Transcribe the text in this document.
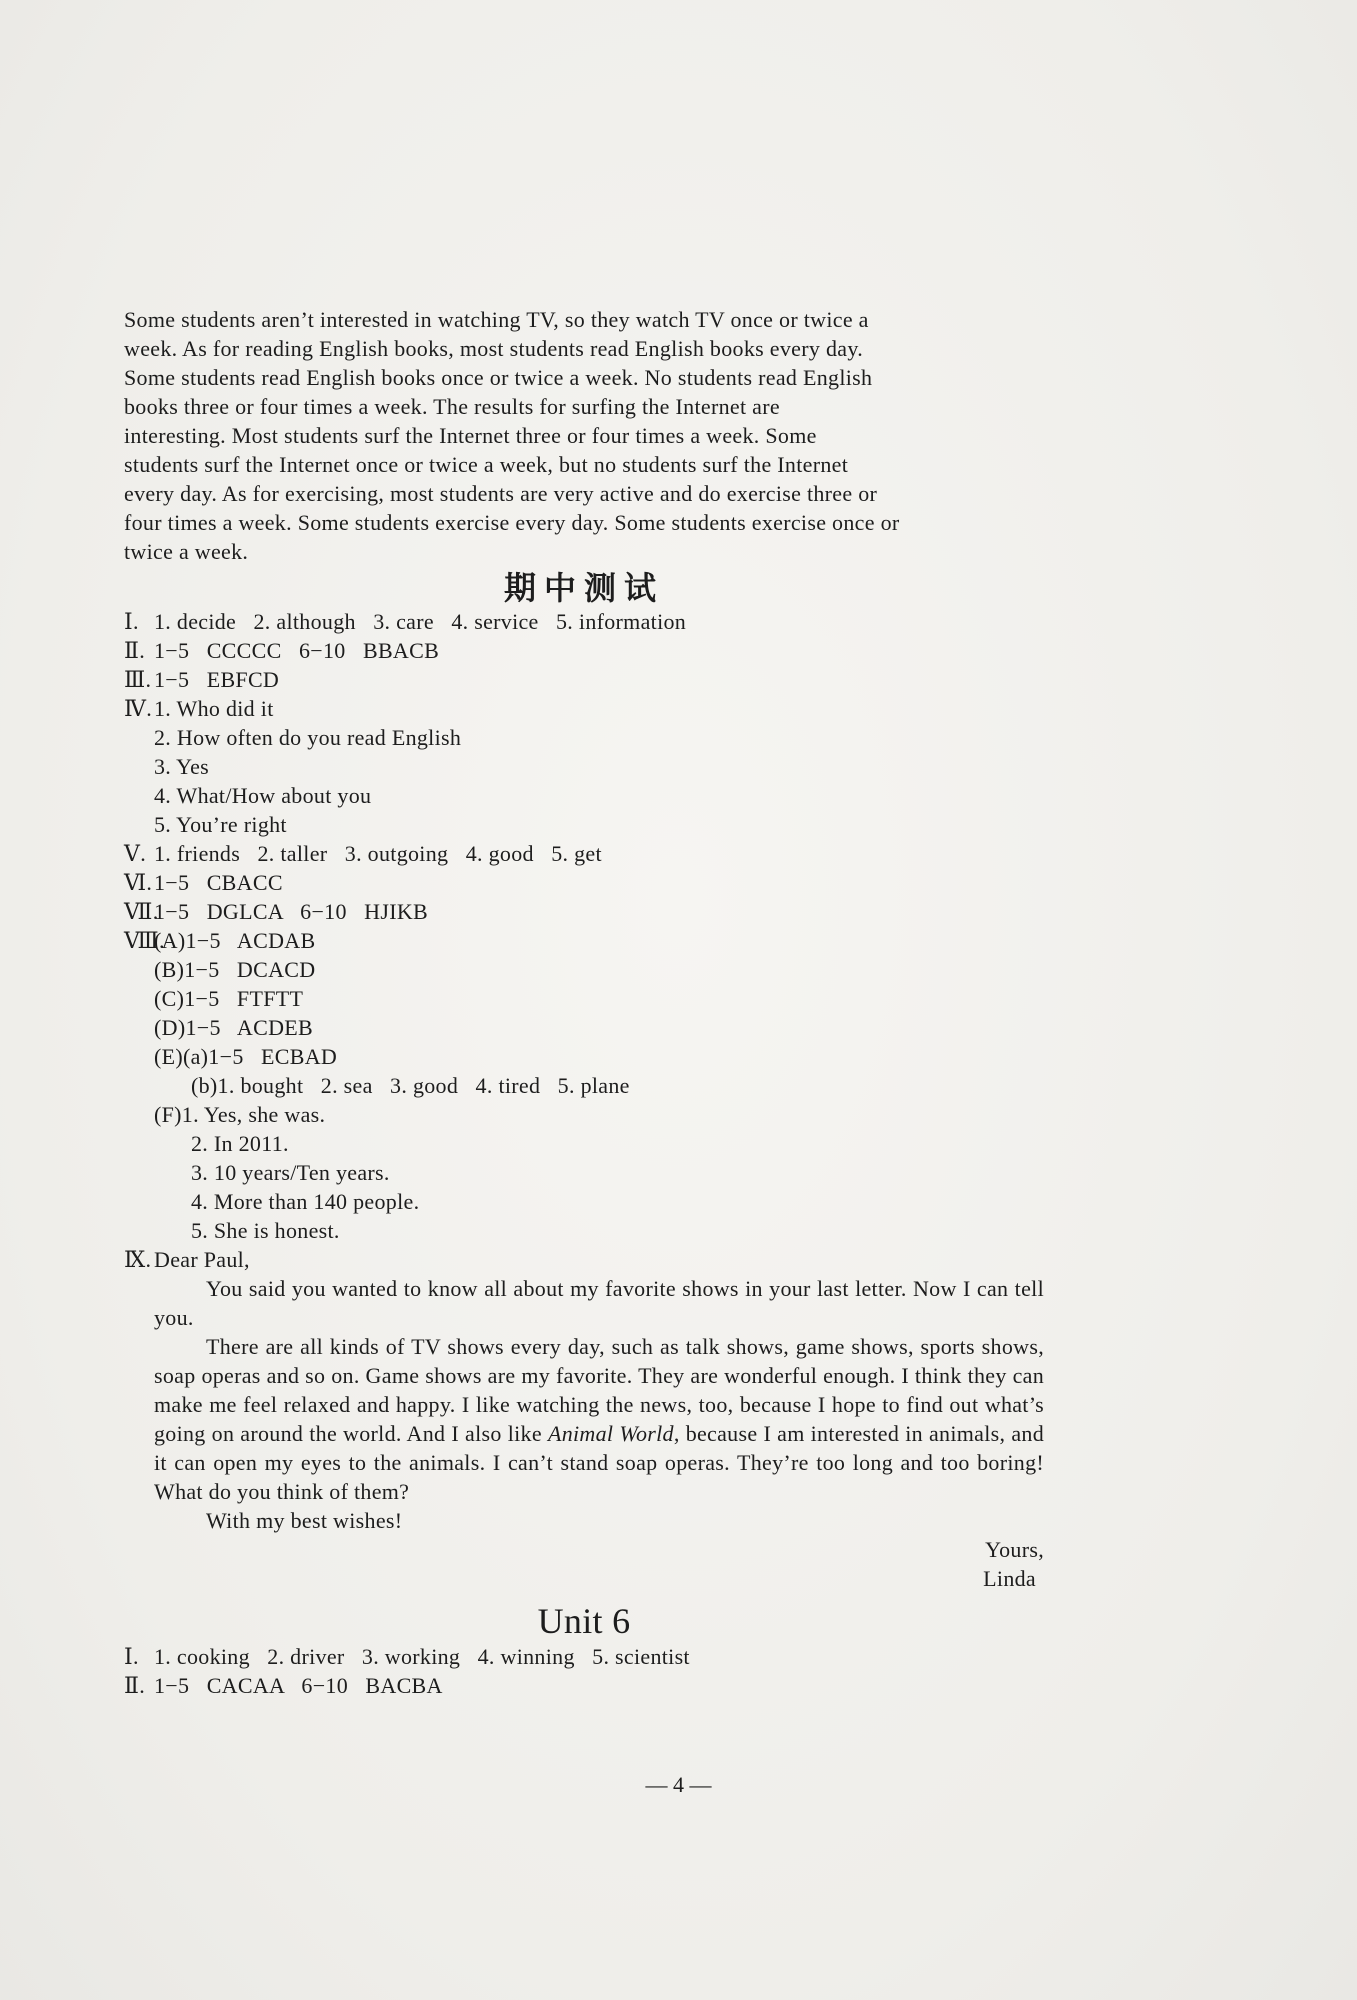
Some students aren’t interested in watching TV, so they watch TV once or twice a
week. As for reading English books, most students read English books every day.
Some students read English books once or twice a week. No students read English
books three or four times a week. The results for surfing the Internet are
interesting. Most students surf the Internet three or four times a week. Some
students surf the Internet once or twice a week, but no students surf the Internet
every day. As for exercising, most students are very active and do exercise three or
four times a week. Some students exercise every day. Some students exercise once or
twice a week.
期中测试
Ⅰ. 1. decide   2. although   3. care   4. service   5. information
Ⅱ. 1−5   CCCCC   6−10   BBACB
Ⅲ. 1−5   EBFCD
Ⅳ. 1. Who did it
2. How often do you read English
3. Yes
4. What/How about you
5. You’re right
Ⅴ. 1. friends   2. taller   3. outgoing   4. good   5. get
Ⅵ. 1−5   CBACC
Ⅶ.
1−5   DGLCA   6−10   HJIKB
Ⅷ.
(A)1−5   ACDAB
(B)1−5   DCACD
(C)1−5   FTFTT
(D)1−5   ACDEB
(E)(a)1−5   ECBAD
(b)1. bought   2. sea   3. good   4. tired   5. plane
(F)1. Yes, she was.
2. In 2011.
3. 10 years/Ten years.
4. More than 140 people.
5. She is honest.
Ⅸ. Dear Paul,

You said you wanted to know all about my favorite shows in your last letter. Now I can tell you.

There are all kinds of TV shows every day, such as talk shows, game shows, sports shows, soap operas and so on. Game shows are my favorite. They are wonderful enough. I think they can make me feel relaxed and happy. I like watching the news, too, because I hope to find out what’s going on around the world. And I also like Animal World, because I am interested in animals, and it can open my eyes to the animals. I can’t stand soap operas. They’re too long and too boring! What do you think of them?

With my best wishes!

Yours,
Linda
Unit 6
Ⅰ. 1. cooking   2. driver   3. working   4. winning   5. scientist
Ⅱ. 1−5   CACAA   6−10   BACBA
— 4 —
